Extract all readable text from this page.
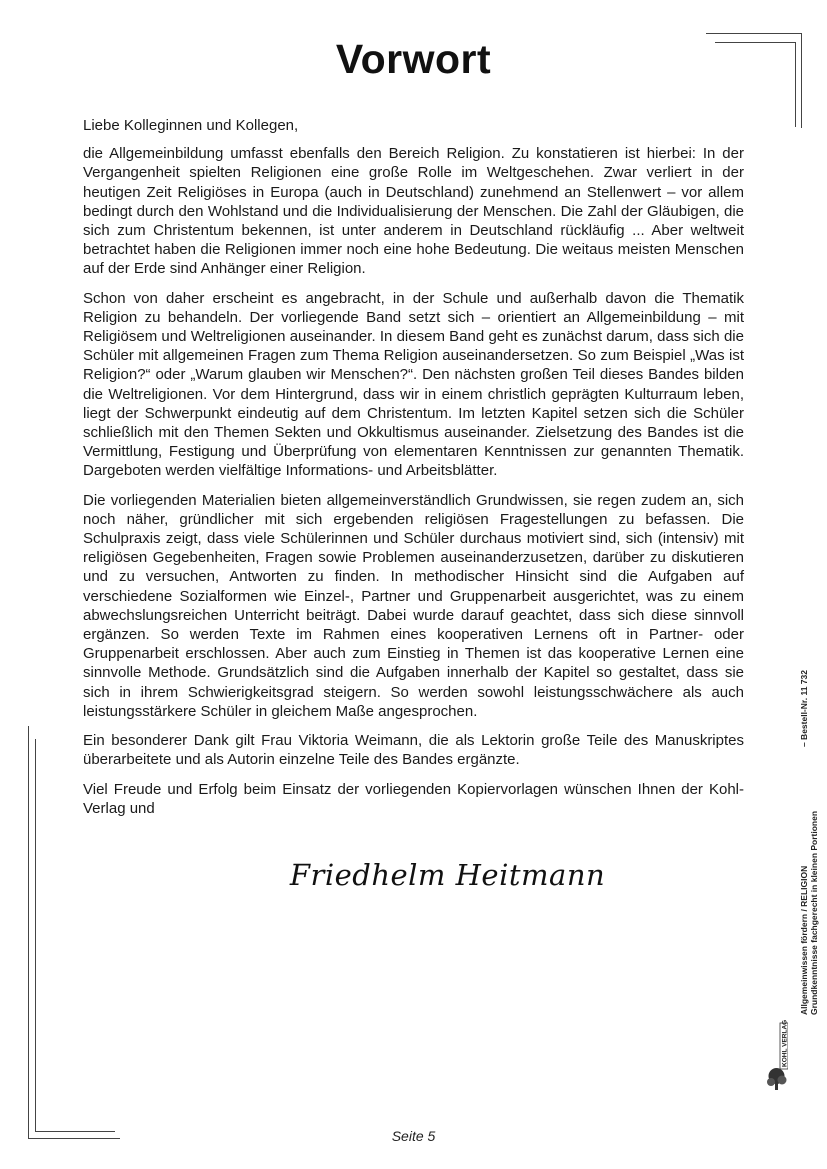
Vorwort

Liebe Kolleginnen und Kollegen,

die Allgemeinbildung umfasst ebenfalls den Bereich Religion. Zu konstatieren ist hierbei: In der Vergangenheit spielten Religionen eine große Rolle im Weltgeschehen. Zwar verliert in der heutigen Zeit Religiöses in Europa (auch in Deutschland) zunehmend an Stellenwert – vor allem bedingt durch den Wohlstand und die Individualisierung der Menschen. Die Zahl der Gläubigen, die sich zum Christentum bekennen, ist unter anderem in Deutschland rückläufig ... Aber weltweit betrachtet haben die Religionen immer noch eine hohe Bedeutung. Die weitaus meisten Menschen auf der Erde sind Anhänger einer Religion.

Schon von daher erscheint es angebracht, in der Schule und außerhalb davon die Thematik Religion zu behandeln. Der vorliegende Band setzt sich – orientiert an Allgemeinbildung – mit Religiösem und Weltreligionen auseinander. In diesem Band geht es zunächst darum, dass sich die Schüler mit allgemeinen Fragen zum Thema Religion auseinandersetzen. So zum Beispiel „Was ist Religion?“ oder „Warum glauben wir Menschen?“. Den nächsten großen Teil dieses Bandes bilden die Weltreligionen. Vor dem Hintergrund, dass wir in einem christlich geprägten Kulturraum leben, liegt der Schwerpunkt eindeutig auf dem Christentum. Im letzten Kapitel setzen sich die Schüler schließlich mit den Themen Sekten und Okkultismus auseinander. Zielsetzung des Bandes ist die Vermittlung, Festigung und Überprüfung von elementaren Kenntnissen zur genannten Thematik. Dargeboten werden vielfältige Informations- und Arbeitsblätter.

Die vorliegenden Materialien bieten allgemeinverständlich Grundwissen, sie regen zudem an, sich noch näher, gründlicher mit sich ergebenden religiösen Fragestellungen zu befassen. Die Schulpraxis zeigt, dass viele Schülerinnen und Schüler durchaus motiviert sind, sich (intensiv) mit religiösen Gegebenheiten, Fragen sowie Problemen auseinanderzusetzen, darüber zu diskutieren und zu versuchen, Antworten zu finden. In methodischer Hinsicht sind die Aufgaben auf verschiedene Sozialformen wie Einzel-, Partner und Gruppenarbeit ausgerichtet, was zu einem abwechslungsreichen Unterricht beiträgt. Dabei wurde darauf geachtet, dass sich diese sinnvoll ergänzen. So werden Texte im Rahmen eines kooperativen Lernens oft in Partner- oder Gruppenarbeit erschlossen. Aber auch zum Einstieg in Themen ist das kooperative Lernen eine sinnvolle Methode. Grundsätzlich sind die Aufgaben innerhalb der Kapitel so gestaltet, dass sie sich in ihrem Schwierigkeitsgrad steigern. So werden sowohl leistungsschwächere als auch leistungsstärkere Schüler in gleichem Maße angesprochen.

Ein besonderer Dank gilt Frau Viktoria Weimann, die als Lektorin große Teile des Manuskriptes überarbeitete und als Autorin einzelne Teile des Bandes ergänzte.

Viel Freude und Erfolg beim Einsatz der vorliegenden Kopiervorlagen wünschen Ihnen der Kohl-Verlag und

Friedhelm Heitmann	Allgemeinwissen fördern / RELIGION
– Bestell-Nr. 11 732
Grundkenntnisse fachgerecht in kleinen Portionen
KOHL VERLAG
Seite 5
